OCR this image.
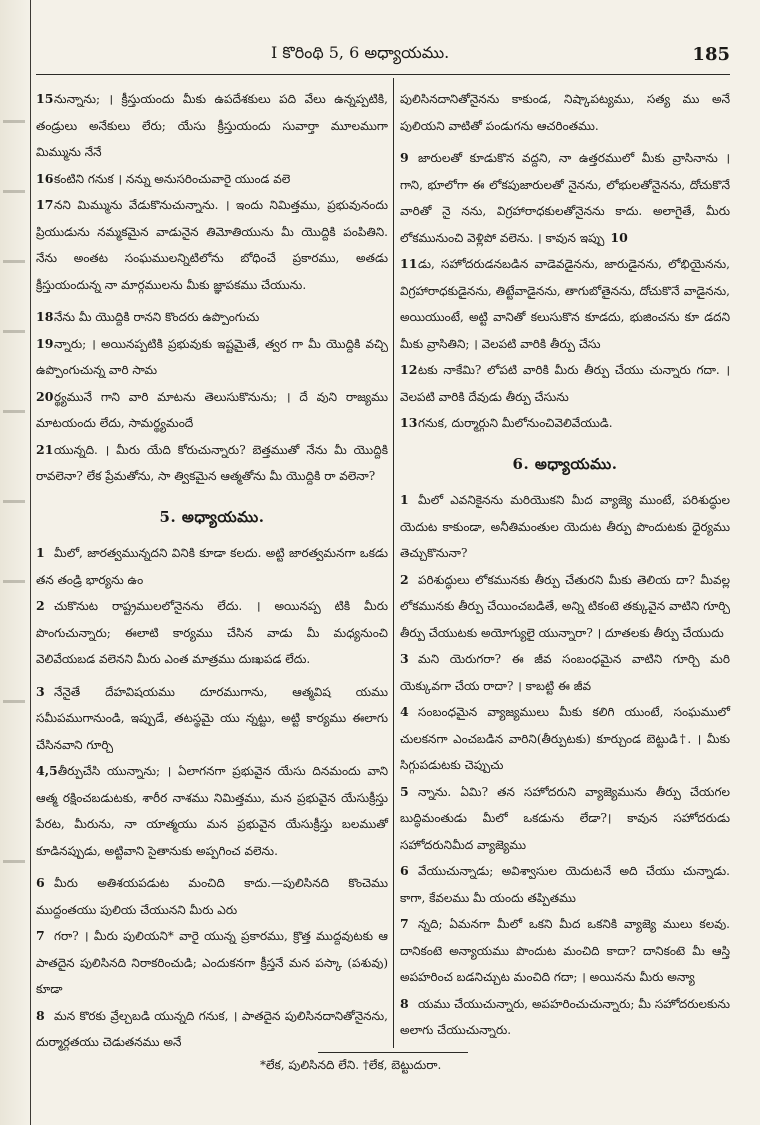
I కొరింథి 5, 6 అధ్యాయము.	185

15నున్నాను; । క్రీస్తుయందు మీకు ఉపదేశకులు పది వేలు ఉన్నప్పటికి, తండ్రులు అనేకులు లేరు; యేసు క్రీస్తుయందు సువార్తా మూలముగా మిమ్మును నేనే

16కంటిని గనుక । నన్ను అనుసరించువారై యుండ వలె

17నని మిమ్మును వేడుకొనుచున్నాను. । ఇందు నిమిత్తము, ప్రభువునందు ప్రియుడును నమ్మకమైన వాడునైన తిమోతియును మీ యొద్దికి పంపితిని. నేను అంతట సంఘములన్నిటిలోను బోధించే ప్రకారము, అతడు క్రీస్తుయందున్న నా మార్గములను మీకు జ్ఞాపకము చేయును.

18నేను మీ యొద్దికి రానని కొందరు ఉప్పొంగుచు

19న్నారు; । అయినప్పటికి ప్రభువుకు ఇష్టమైతే, త్వర గా మీ యొద్దికి వచ్చి ఉప్పొంగుచున్న వారి సామ

20ర్థ్యమునే గాని వారి మాటను తెలుసుకొనును; । దే వుని రాజ్యము మాటయందు లేదు, సామర్థ్యమందే

21యున్నది. । మీరు యేది కోరుచున్నారు? బెత్తముతో నేను మీ యొద్దికి రావలెనా? లేక ప్రేమతోను, సా త్వికమైన ఆత్మతోను మీ యొద్దికి రా వలెనా?

5. అధ్యాయము.

1 మీలో, జారత్వమున్నదని వినికి కూడా కలదు. అట్టి జారత్వమనగా ఒకడు తన తండ్రి భార్యను ఉం

2 చుకొనుట రాష్ట్రములలోనైనను లేదు. । అయినప్ప టికి మీరు పొంగుచున్నారు; ఈలాటి కార్యము చేసిన వాడు మీ మధ్యనుంచి వెలివేయబడ వలెనని మీరు ఎంత మాత్రము దుఃఖపడ లేదు.

3 నేనైతే దేహవిషయము దూరముగాను, ఆత్మవిష యము సమీపముగానుండి, ఇప్పుడే, తటస్థమై యు న్నట్టు, అట్టి కార్యము ఈలాగు చేసినవాని గూర్చి

4,5తీర్పుచేసి యున్నాను; । ఏలాగనగా ప్రభువైన యేసు దినమందు వాని ఆత్మ రక్షించబడుటకు, శారీర నాశము నిమిత్తము, మన ప్రభువైన యేసుక్రీస్తు పేరట, మీరును, నా యాత్మయు మన ప్రభువైన యేసుక్రీస్తు బలముతో కూడినప్పుడు, అట్టివాని సైతానుకు అప్పగించ వలెను.

6 మీరు అతిశయపడుట మంచిది కాదు.—పులిసినది కొంచెము ముద్దంతయు పులియ చేయునని మీరు ఎరు

7 గరా? । మీరు పులియని* వారై యున్న ప్రకారము, క్రొత్త ముద్దవుటకు ఆ పాతదైన పులిసినది నిరాకరించుడి; ఎందుకనగా క్రీస్తనే మన పస్కా (పశువు) కూడా

8 మన కొరకు వ్రేల్చబడి యున్నది గనుక, । పాతదైన పులిసినదానితోనైనను, దుర్మార్గతయు చెడుతనము అనే

పులిసినదానితోనైనను కాకుండ, నిష్కాపట్యము, సత్య ము అనే పులియని వాటితో పండుగను ఆచరింతము.

9 జారులతో కూడుకొన వద్దని, నా ఉత్తరములో మీకు వ్రాసినాను । గాని, భూలోగా ఈ లోకపుజారులతో నైనను, లోభులతోనైనను, దోచుకొనే వారితో నై నను, విగ్రహారాధకులతోనైనను కాదు. అలాగైతే, మీరు లోకమునుంచి వెళ్లిపో వలెను. । కావున ఇప్పు 10

11డు, సహోదరుడనబడిన వాడెవడైనను, జారుడైనను, లోభియైనను, విగ్రహారాధకుడైనను, తిట్టేవాడైనను, తాగుబోతైనను, దోచుకొనే వాడైనను, అయియుంటే, అట్టి వానితో కలుసుకొన కూడదు, భుజించను కూ డదని మీకు వ్రాసితిని; । వెలపటి వారికి తీర్పు చేసు

12టకు నాకేమి? లోపటి వారికి మీరు తీర్పు చేయు చున్నారు గదా. । వెలపటి వారికి దేవుడు తీర్పు చేసును

13గనుక, దుర్మార్గుని మీలోనుంచివెలివేయుడి.

6. అధ్యాయము.

1 మీలో ఎవనికైనను మరియొకని మీద వ్యాజ్యె ముంటే, పరిశుద్ధుల యెదుట కాకుండా, అనీతిమంతుల యెదుట తీర్పు పొందుటకు ధైర్యము తెచ్చుకొనునా?

2 పరిశుద్ధులు లోకమునకు తీర్పు చేతురని మీకు తెలియ దా? మీవల్ల లోకమునకు తీర్పు చేయించబడితే, అన్ని టికంటె తక్కువైన వాటిని గూర్చి తీర్పు చేయుటకు అయోగ్యులై యున్నారా? । దూతలకు తీర్పు చేయుదు

3 మని యెరుగరా? ఈ జీవ సంబంధమైన వాటిని గూర్చి మరి యెక్కువగా చేయ రాదా? । కాబట్టి ఈ జీవ

4 సంబంధమైన వ్యాజ్యములు మీకు కలిగి యుంటే, సంఘములో చులకనగా ఎంచబడిన వారిని(తీర్పుటకు) కూర్చుండ బెట్టుడి†. । మీకు సిగ్గుపడుటకు చెప్పుచు

5 న్నాను. ఏమి? తన సహోదరుని వ్యాజ్యెమును తీర్పు చేయగల బుద్ధిమంతుడు మీలో ఒకడును లేడా?। కావున సహోదరుడు సహోదరునిమీద వ్యాజ్యెము

6 వేయుచున్నాడు; అవిశ్వాసుల యెదుటనే అది చేయు చున్నాడు. కాగా, కేవలము మీ యందు తప్పితము

7 న్నది; ఏమనగా మీలో ఒకని మీద ఒకనికి వ్యాజ్యె ములు కలవు. దానికంటె అన్యాయము పొందుట మంచిది కాదా? దానికంటె మీ ఆస్తి అపహరించ బడనిచ్చుట మంచిది గదా; । అయినను మీరు అన్యా

8 యము చేయుచున్నారు, అపహరించుచున్నారు; మీ సహోదరులకును అలాగు చేయుచున్నారు.

*లేక, పులిసినది లేని. †లేక, బెట్టుదురా.
